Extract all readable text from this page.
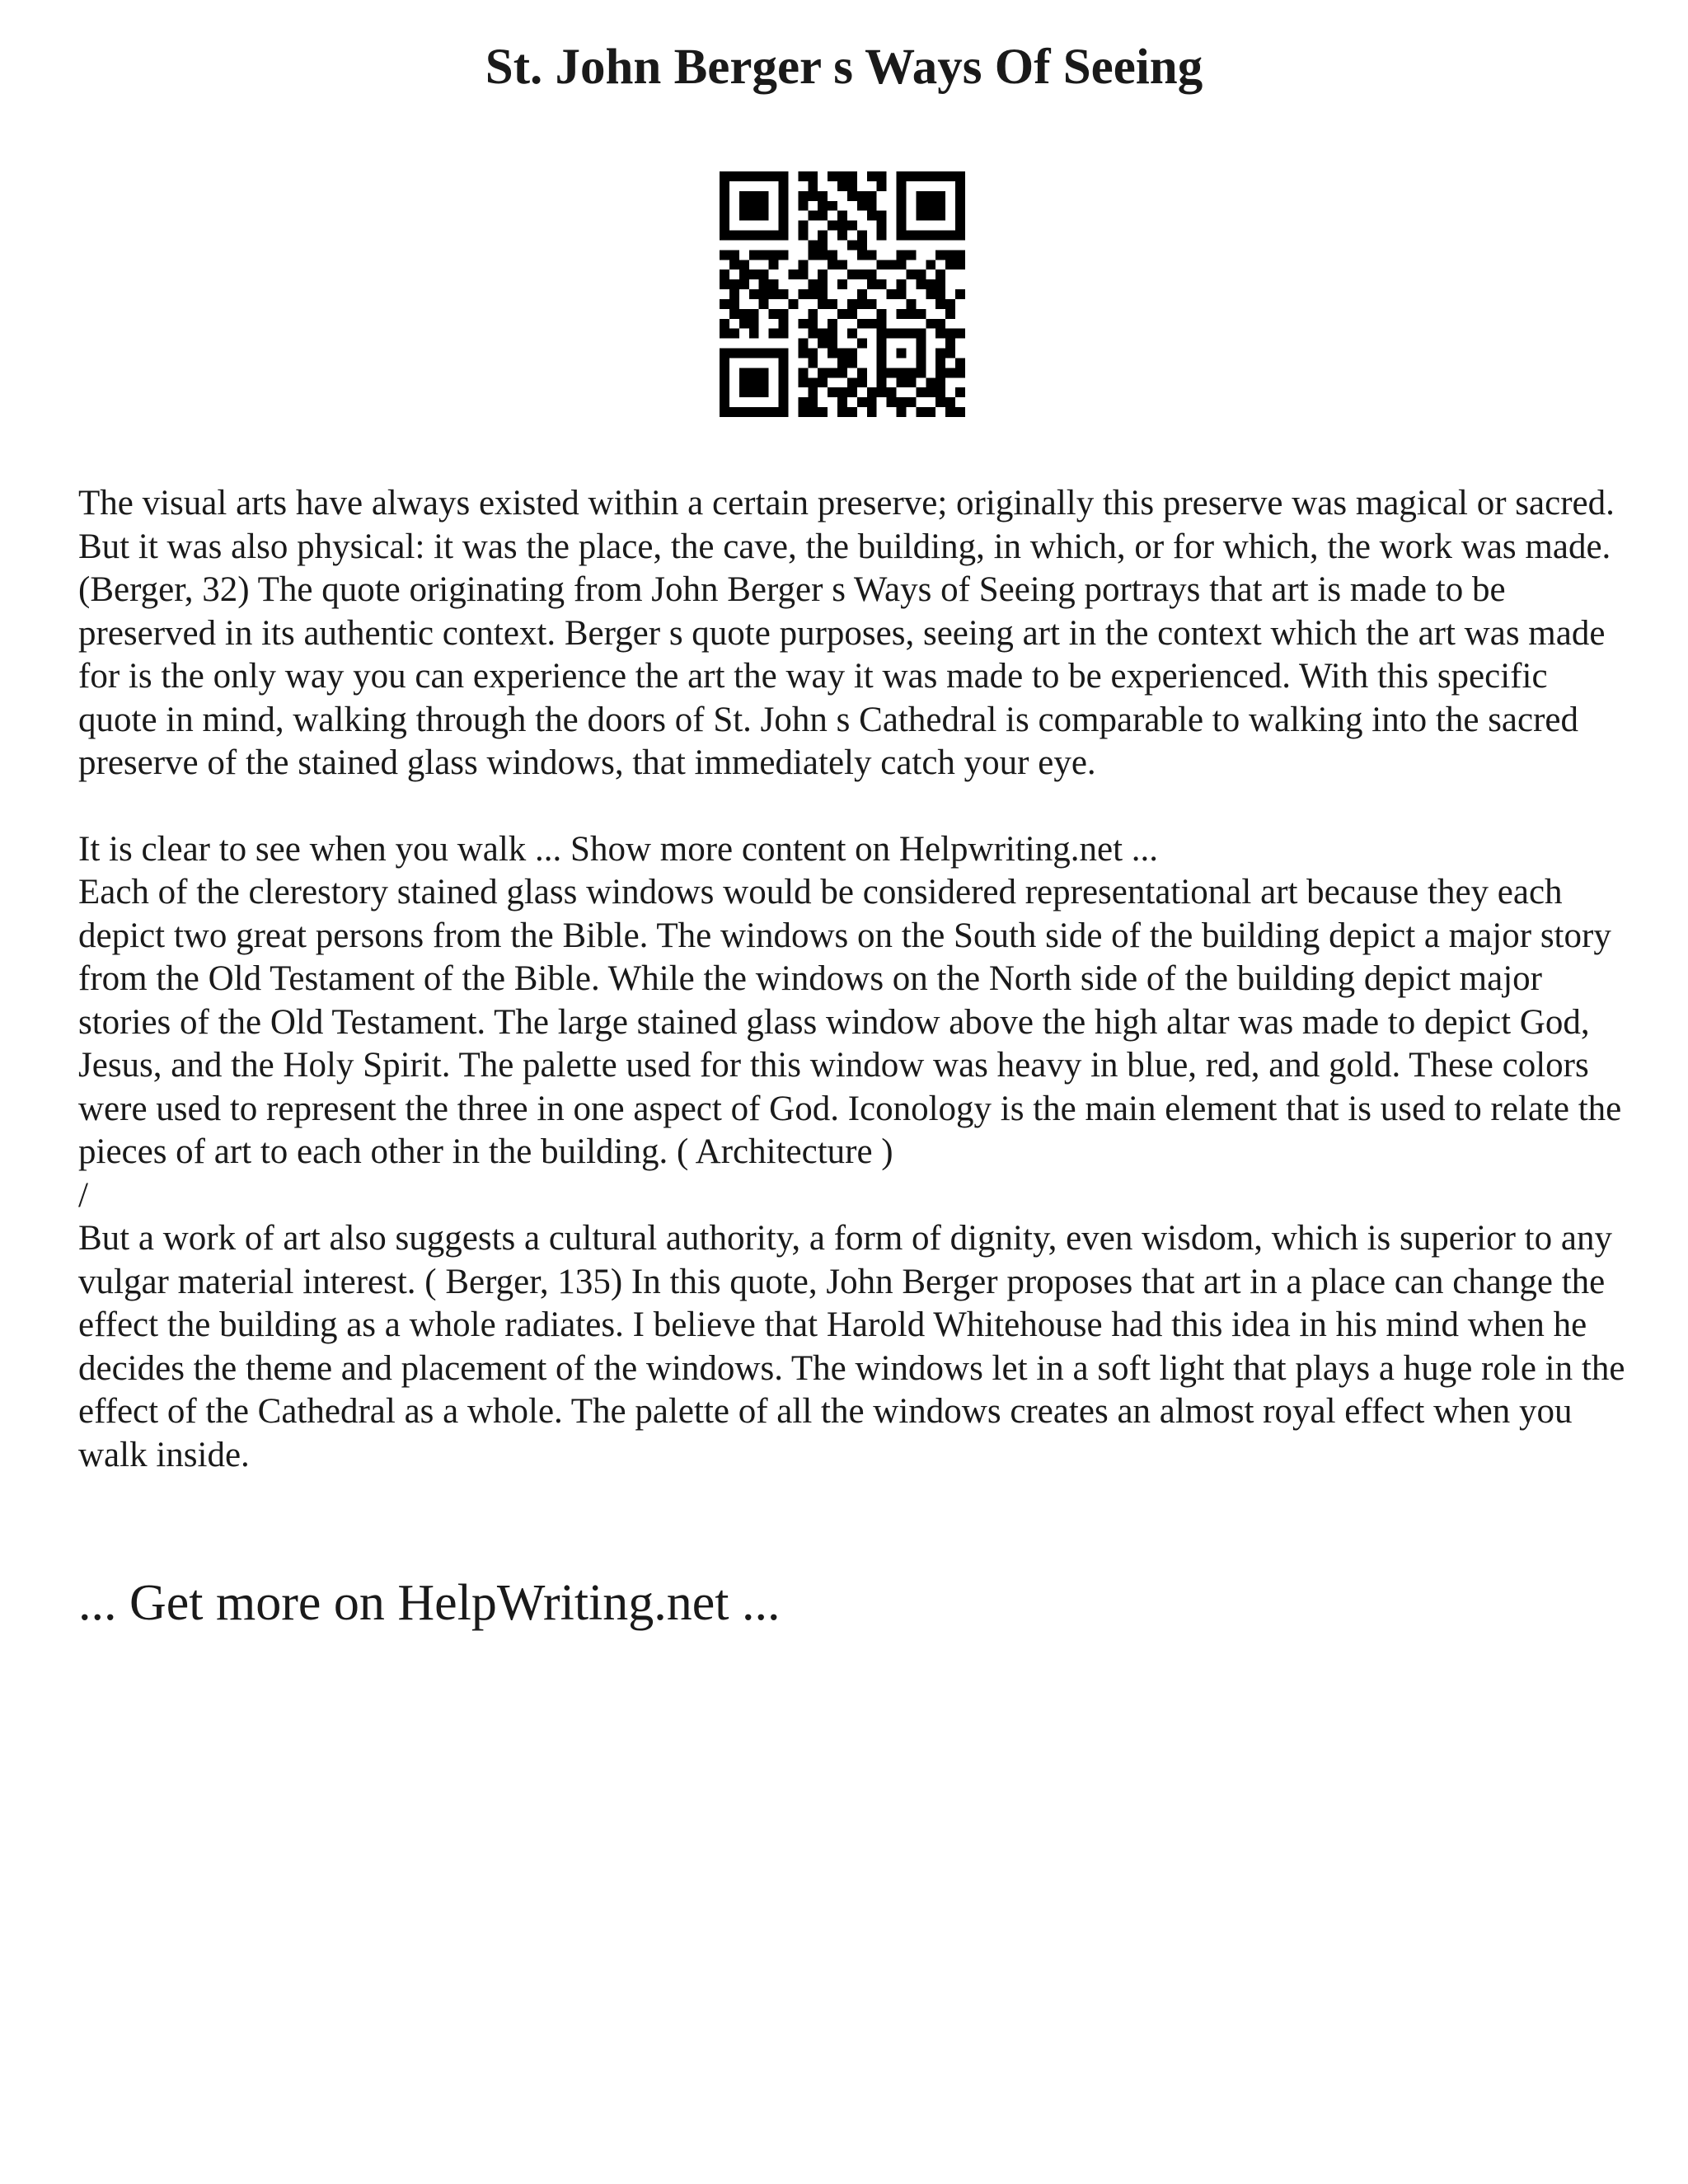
St. John Berger s Ways Of Seeing

The visual arts have always existed within a certain preserve; originally this preserve was magical or sacred. But it was also physical: it was the place, the cave, the building, in which, or for which, the work was made. (Berger, 32) The quote originating from John Berger s Ways of Seeing portrays that art is made to be preserved in its authentic context. Berger s quote purposes, seeing art in the context which the art was made for is the only way you can experience the art the way it was made to be experienced. With this specific quote in mind, walking through the doors of St. John s Cathedral is comparable to walking into the sacred preserve of the stained glass windows, that immediately catch your eye.

It is clear to see when you walk ... Show more content on Helpwriting.net ...

Each of the clerestory stained glass windows would be considered representational art because they each depict two great persons from the Bible. The windows on the South side of the building depict a major story from the Old Testament of the Bible. While the windows on the North side of the building depict major stories of the Old Testament. The large stained glass window above the high altar was made to depict God, Jesus, and the Holy Spirit. The palette used for this window was heavy in blue, red, and gold. These colors were used to represent the three in one aspect of God. Iconology is the main element that is used to relate the pieces of art to each other in the building. ( Architecture )

/

But a work of art also suggests a cultural authority, a form of dignity, even wisdom, which is superior to any vulgar material interest. ( Berger, 135) In this quote, John Berger proposes that art in a place can change the effect the building as a whole radiates. I believe that Harold Whitehouse had this idea in his mind when he decides the theme and placement of the windows. The windows let in a soft light that plays a huge role in the effect of the Cathedral as a whole. The palette of all the windows creates an almost royal effect when you walk inside.

... Get more on HelpWriting.net ...
